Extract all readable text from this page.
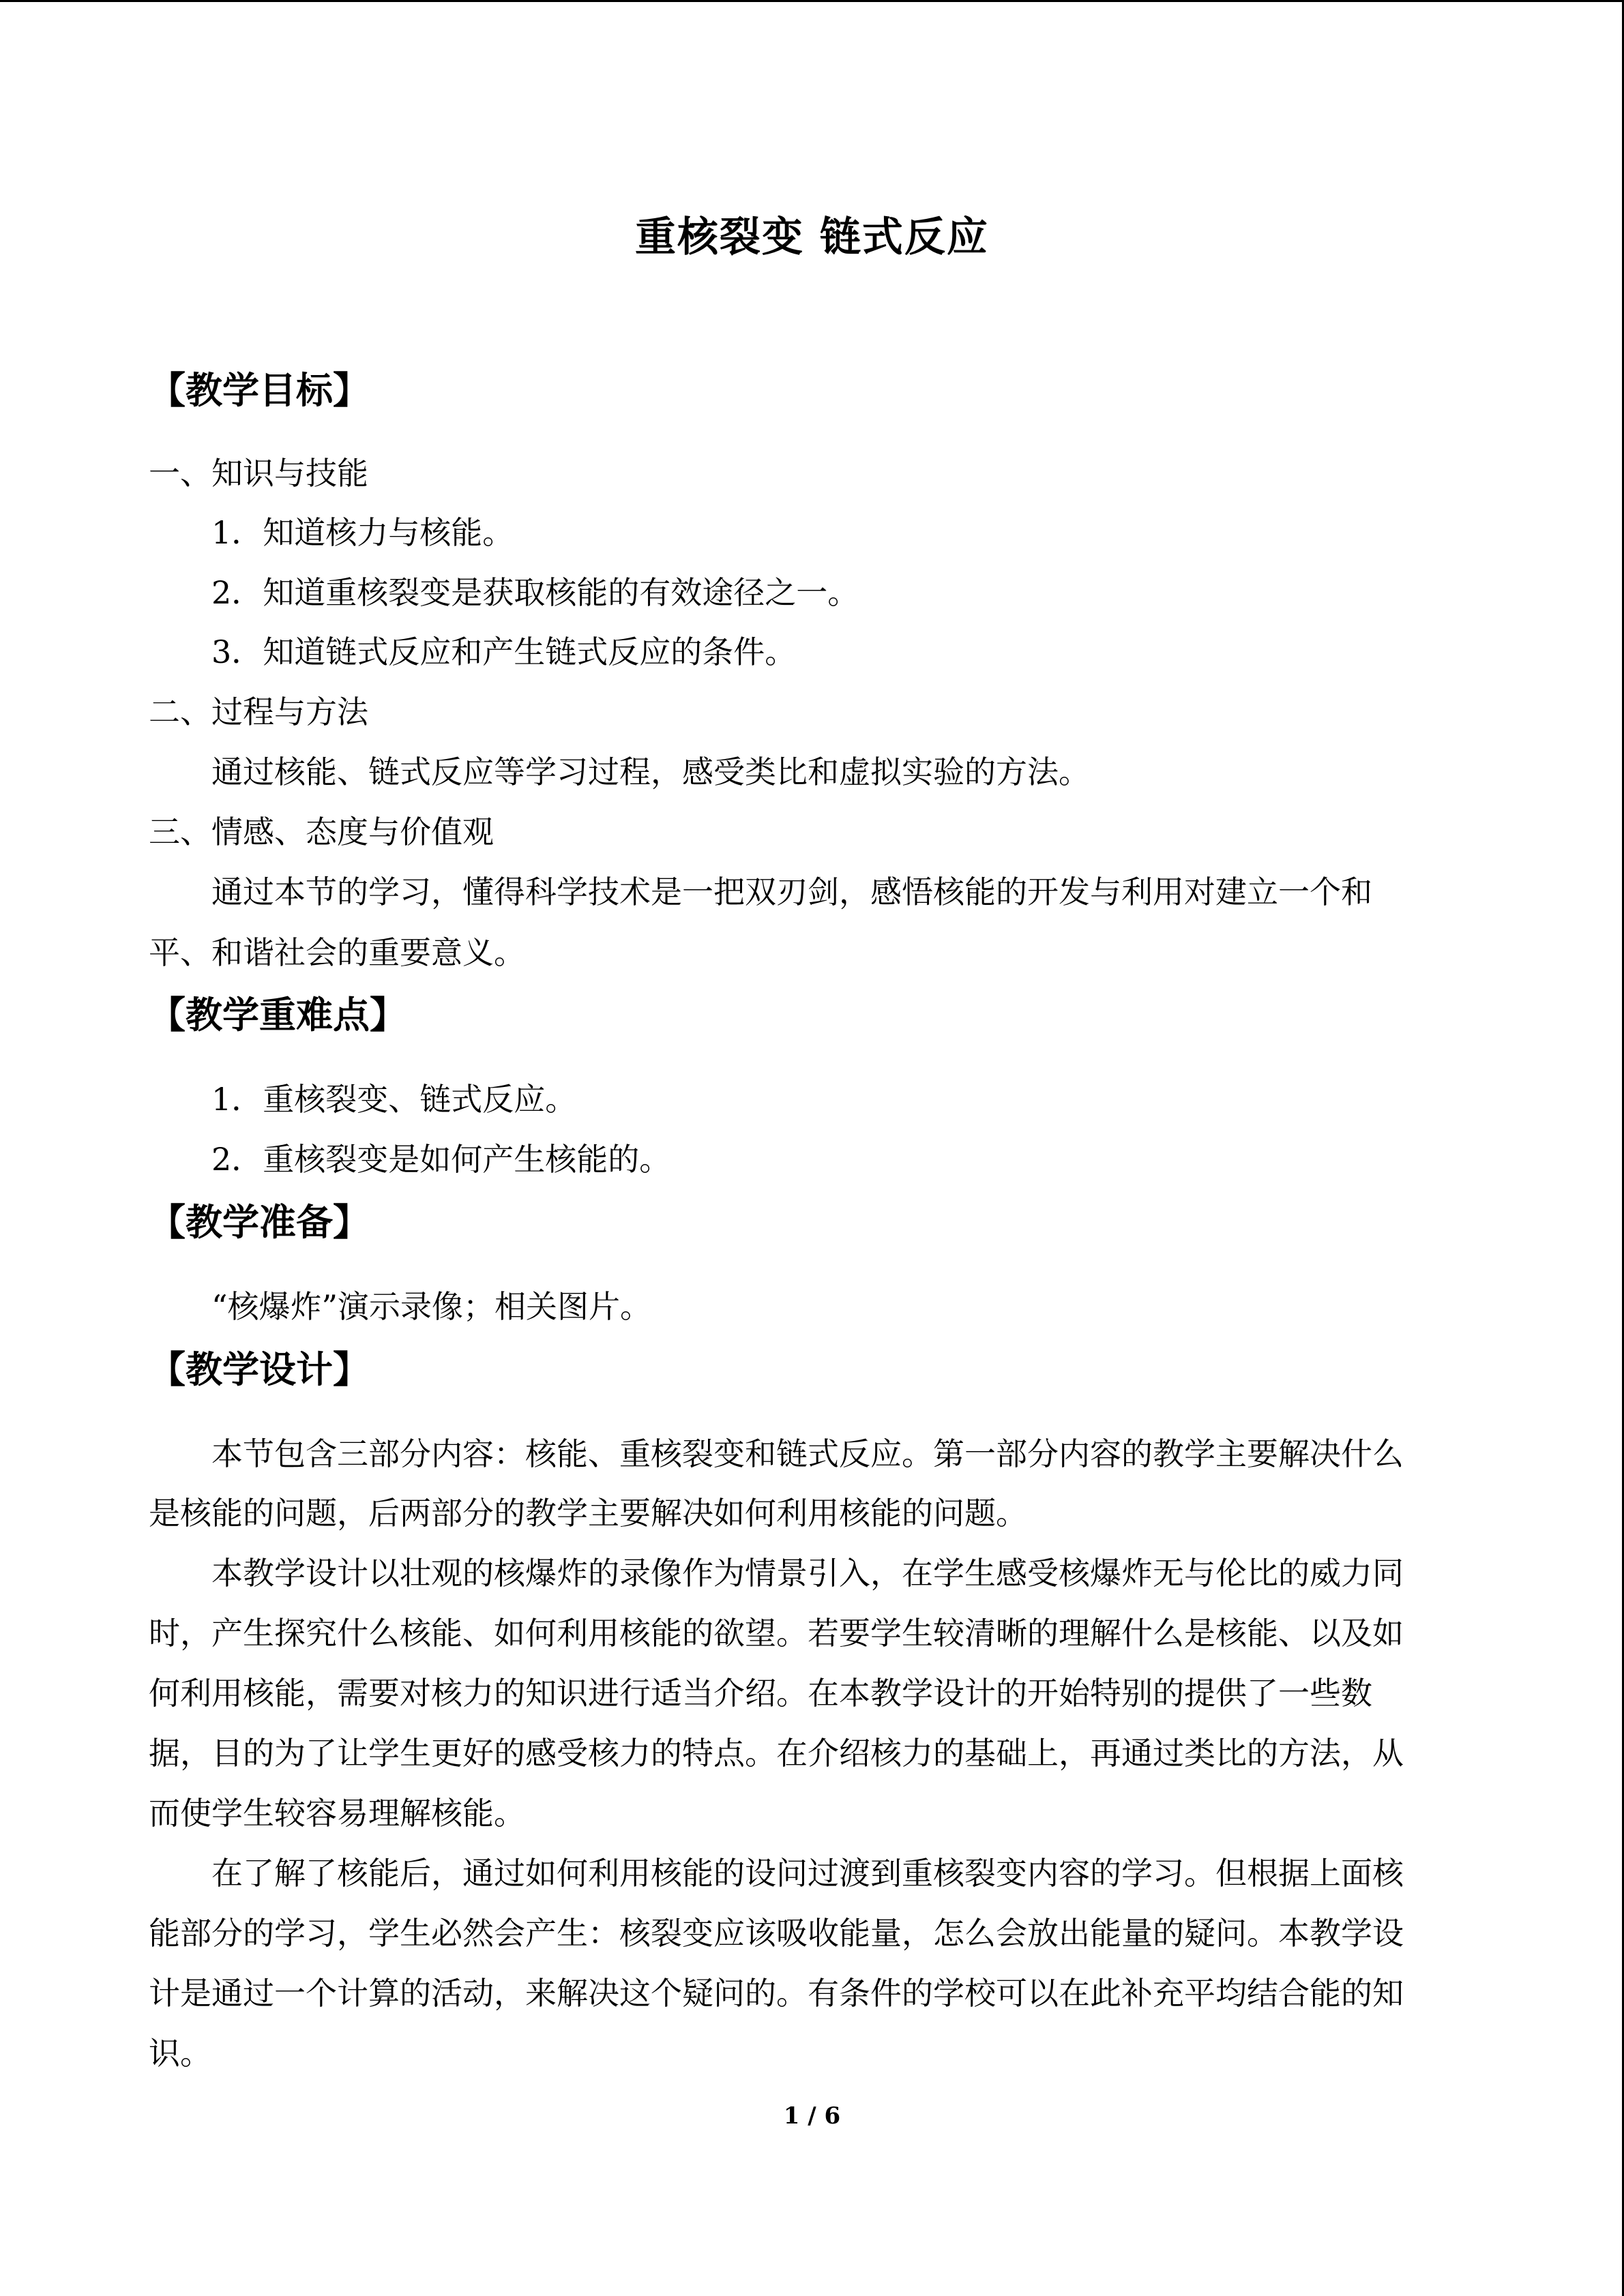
重核裂变 链式反应
【教学目标】
一、知识与技能
1．知道核力与核能。
2．知道重核裂变是获取核能的有效途径之一。
3．知道链式反应和产生链式反应的条件。
二、过程与方法
通过核能、链式反应等学习过程，感受类比和虚拟实验的方法。
三、情感、态度与价值观
通过本节的学习，懂得科学技术是一把双刃剑，感悟核能的开发与利用对建立一个和
平、和谐社会的重要意义。
【教学重难点】
1．重核裂变、链式反应。
2．重核裂变是如何产生核能的。
【教学准备】
“核爆炸”演示录像；相关图片。
【教学设计】
本节包含三部分内容：核能、重核裂变和链式反应。第一部分内容的教学主要解决什么
是核能的问题，后两部分的教学主要解决如何利用核能的问题。
本教学设计以壮观的核爆炸的录像作为情景引入，在学生感受核爆炸无与伦比的威力同
时，产生探究什么核能、如何利用核能的欲望。若要学生较清晰的理解什么是核能、以及如
何利用核能，需要对核力的知识进行适当介绍。在本教学设计的开始特别的提供了一些数
据，目的为了让学生更好的感受核力的特点。在介绍核力的基础上，再通过类比的方法，从
而使学生较容易理解核能。
在了解了核能后，通过如何利用核能的设问过渡到重核裂变内容的学习。但根据上面核
能部分的学习，学生必然会产生：核裂变应该吸收能量，怎么会放出能量的疑问。本教学设
计是通过一个计算的活动，来解决这个疑问的。有条件的学校可以在此补充平均结合能的知
识。
1 / 6
